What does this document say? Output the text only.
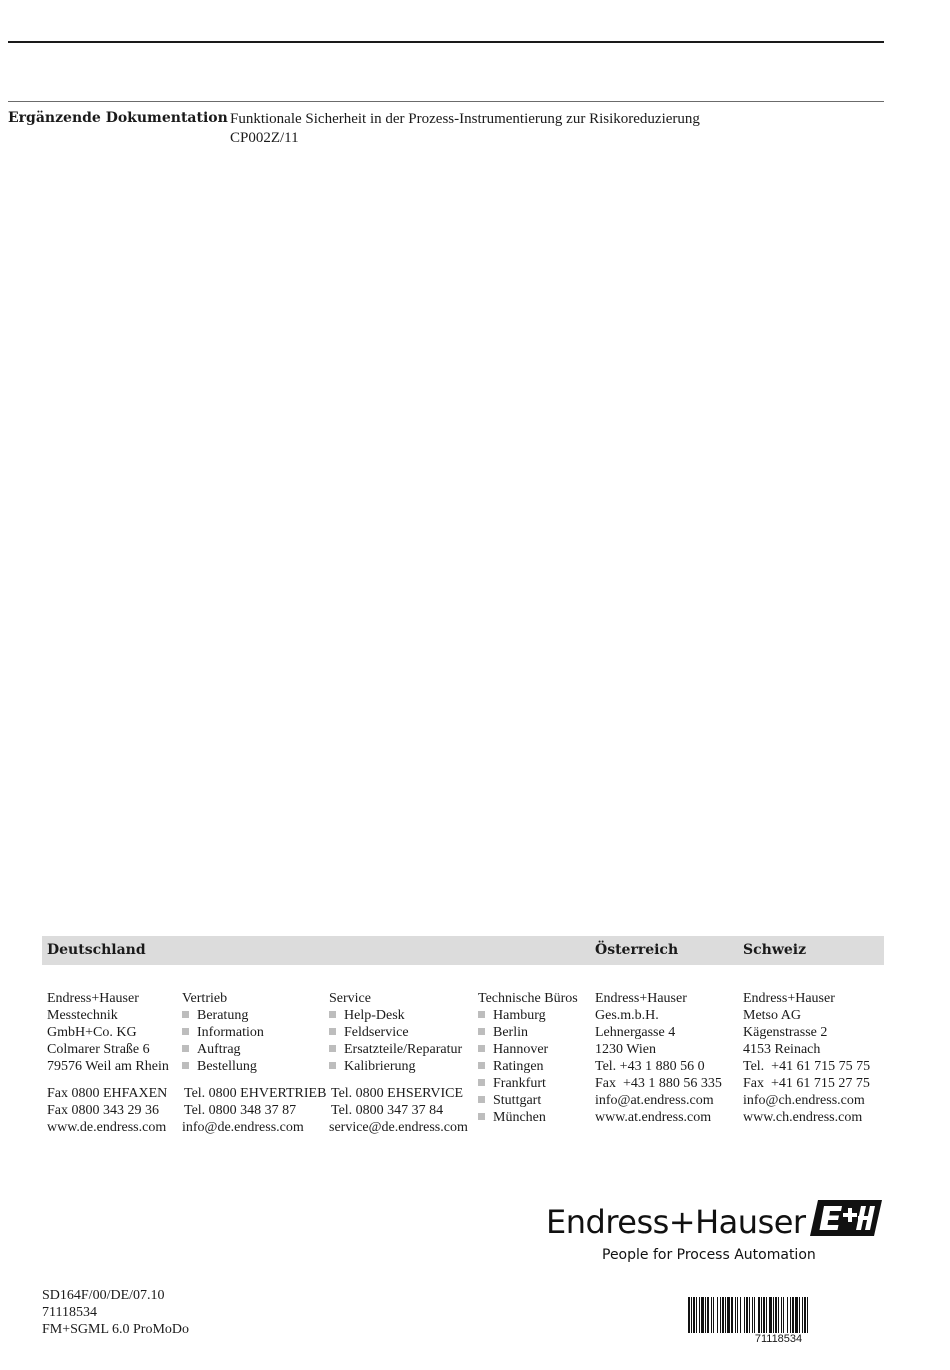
Ergänzende Dokumentation Funktionale Sicherheit in der Prozess-Instrumentierung zur Risikoreduzierung
CP002Z/11
Deutschland	Österreich	Schweiz
Endress+Hauser
Messtechnik
GmbH+Co. KG
Colmarer Straße 6
79576 Weil am Rhein
Fax 0800 EHFAXEN
Fax 0800 343 29 36
www.de.endress.com
Vertrieb
Beratung
Information
Auftrag
Bestellung
Tel. 0800 EHVERTRIEB
Tel. 0800 348 37 87
info@de.endress.com
Service
Help-Desk
Feldservice
Ersatzteile/Reparatur
Kalibrierung
Tel. 0800 EHSERVICE
Tel. 0800 347 37 84
service@de.endress.com
Technische Büros
Hamburg
Berlin
Hannover
Ratingen
Frankfurt
Stuttgart
München
Endress+Hauser
Ges.m.b.H.
Lehnergasse 4
1230 Wien
Tel. +43 1 880 56 0
Fax  +43 1 880 56 335
info@at.endress.com
www.at.endress.com
Endress+Hauser
Metso AG
Kägenstrasse 2
4153 Reinach
Tel.  +41 61 715 75 75
Fax  +41 61 715 27 75
info@ch.endress.com
www.ch.endress.com
Endress+Hauser
People for Process Automation
SD164F/00/DE/07.10
71118534
FM+SGML 6.0 ProMoDo
71118534
